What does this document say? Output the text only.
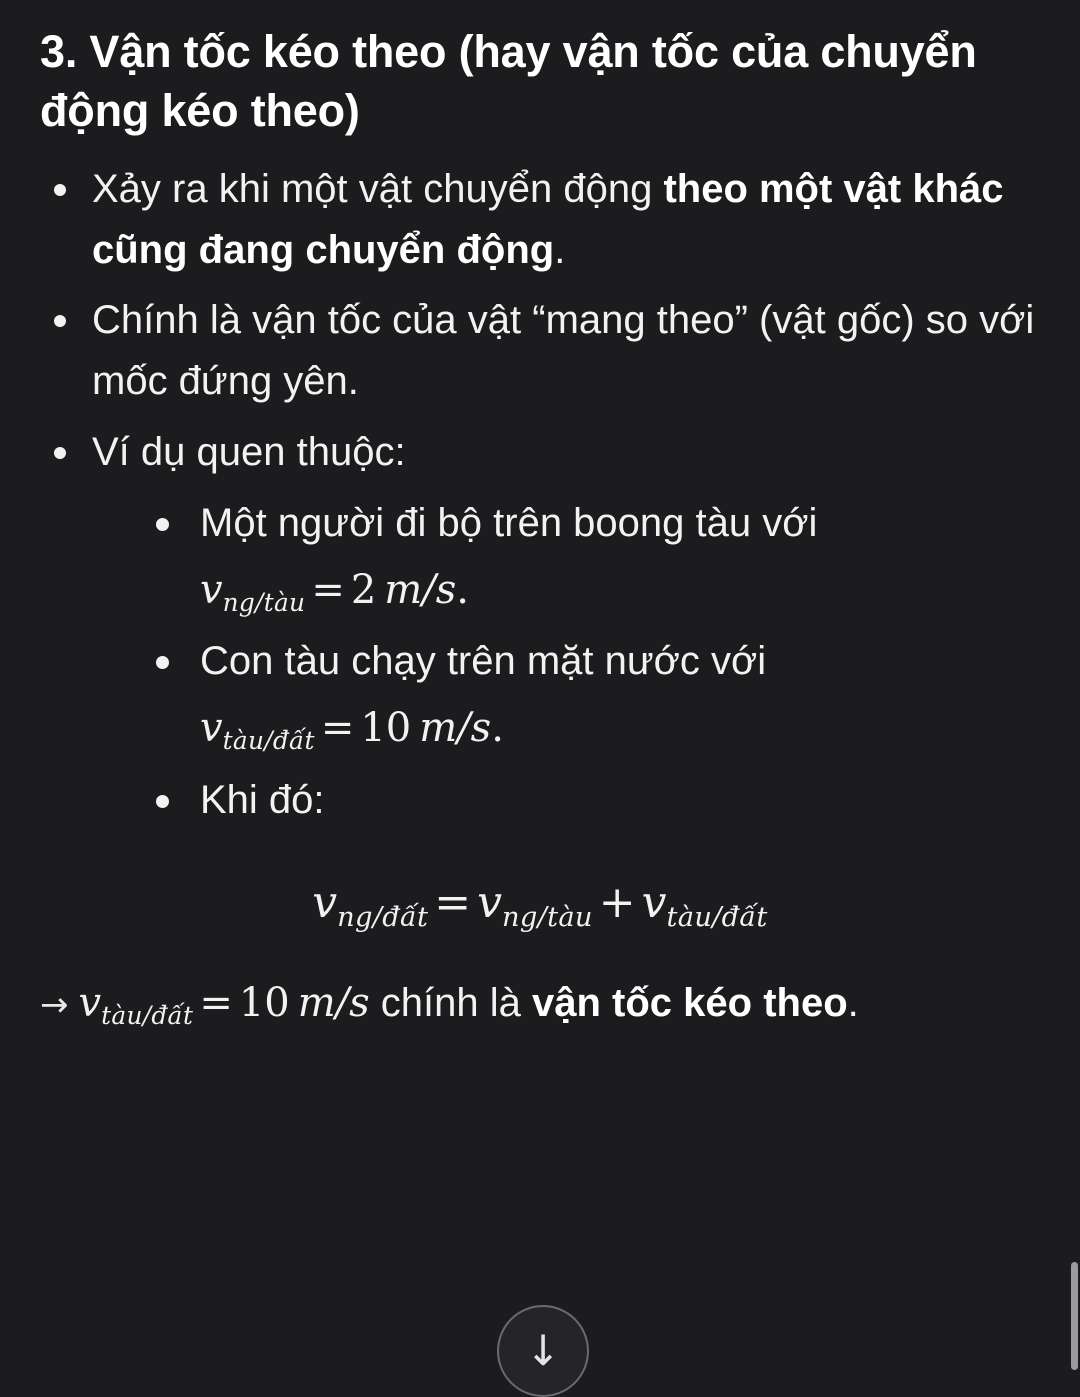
3. Vận tốc kéo theo (hay vận tốc của chuyển động kéo theo)
Xảy ra khi một vật chuyển động theo một vật khác cũng đang chuyển động.
Chính là vận tốc của vật “mang theo” (vật gốc) so với mốc đứng yên.
Ví dụ quen thuộc:
Một người đi bộ trên boong tàu với
$v_{ng/tàu} = 2$ m/s.
Con tàu chạy trên mặt nước với
$v_{tàu/đất} = 10$ m/s.
Khi đó:
$v_{ng/đất} = v_{ng/tàu} + v_{tàu/đất}$

→ $v_{tàu/đất} = 10$ m/s chính là vận tốc kéo theo.

↓
